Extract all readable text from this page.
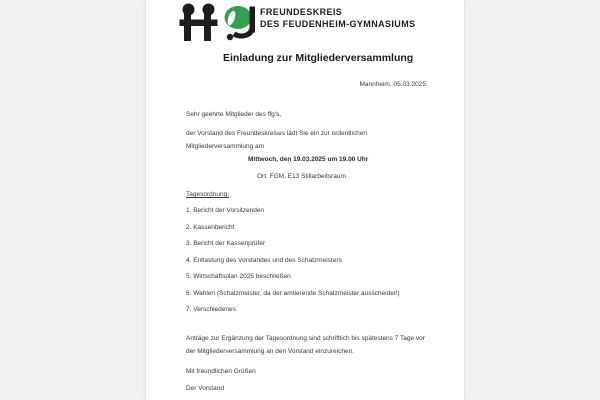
FREUNDESKREIS
DES FEUDENHEIM-GYMNASIUMS
Einladung zur Mitgliederversammlung
Mannheim, 05.03.2025
Sehr geehrte Mitglieder des ffg's,
der Vorstand des Freundeskreises lädt Sie ein zur ordentlichen
Mitgliederversammlung am
Mittwoch, den 19.03.2025 um 19.00 Uhr
Ort: FGM, E13 Stillarbeitsraum
Tagesordnung:
1. Bericht der Vorsitzenden
2. Kassenbericht
3. Bericht der Kassenprüfer
4. Entlastung des Vorstandes und des Schatzmeisters
5. Wirtschaftsplan 2025 beschließen
6. Wahlen (Schatzmeister, da der amtierende Schatzmeister ausscheidet!)
7. Verschiedenes
Anträge zur Ergänzung der Tagesordnung sind schriftlich bis spätestens 7 Tage vor
der Mitgliederversammlung an den Vorstand einzureichen.
Mit freundlichen Grüßen
Der Vorstand
